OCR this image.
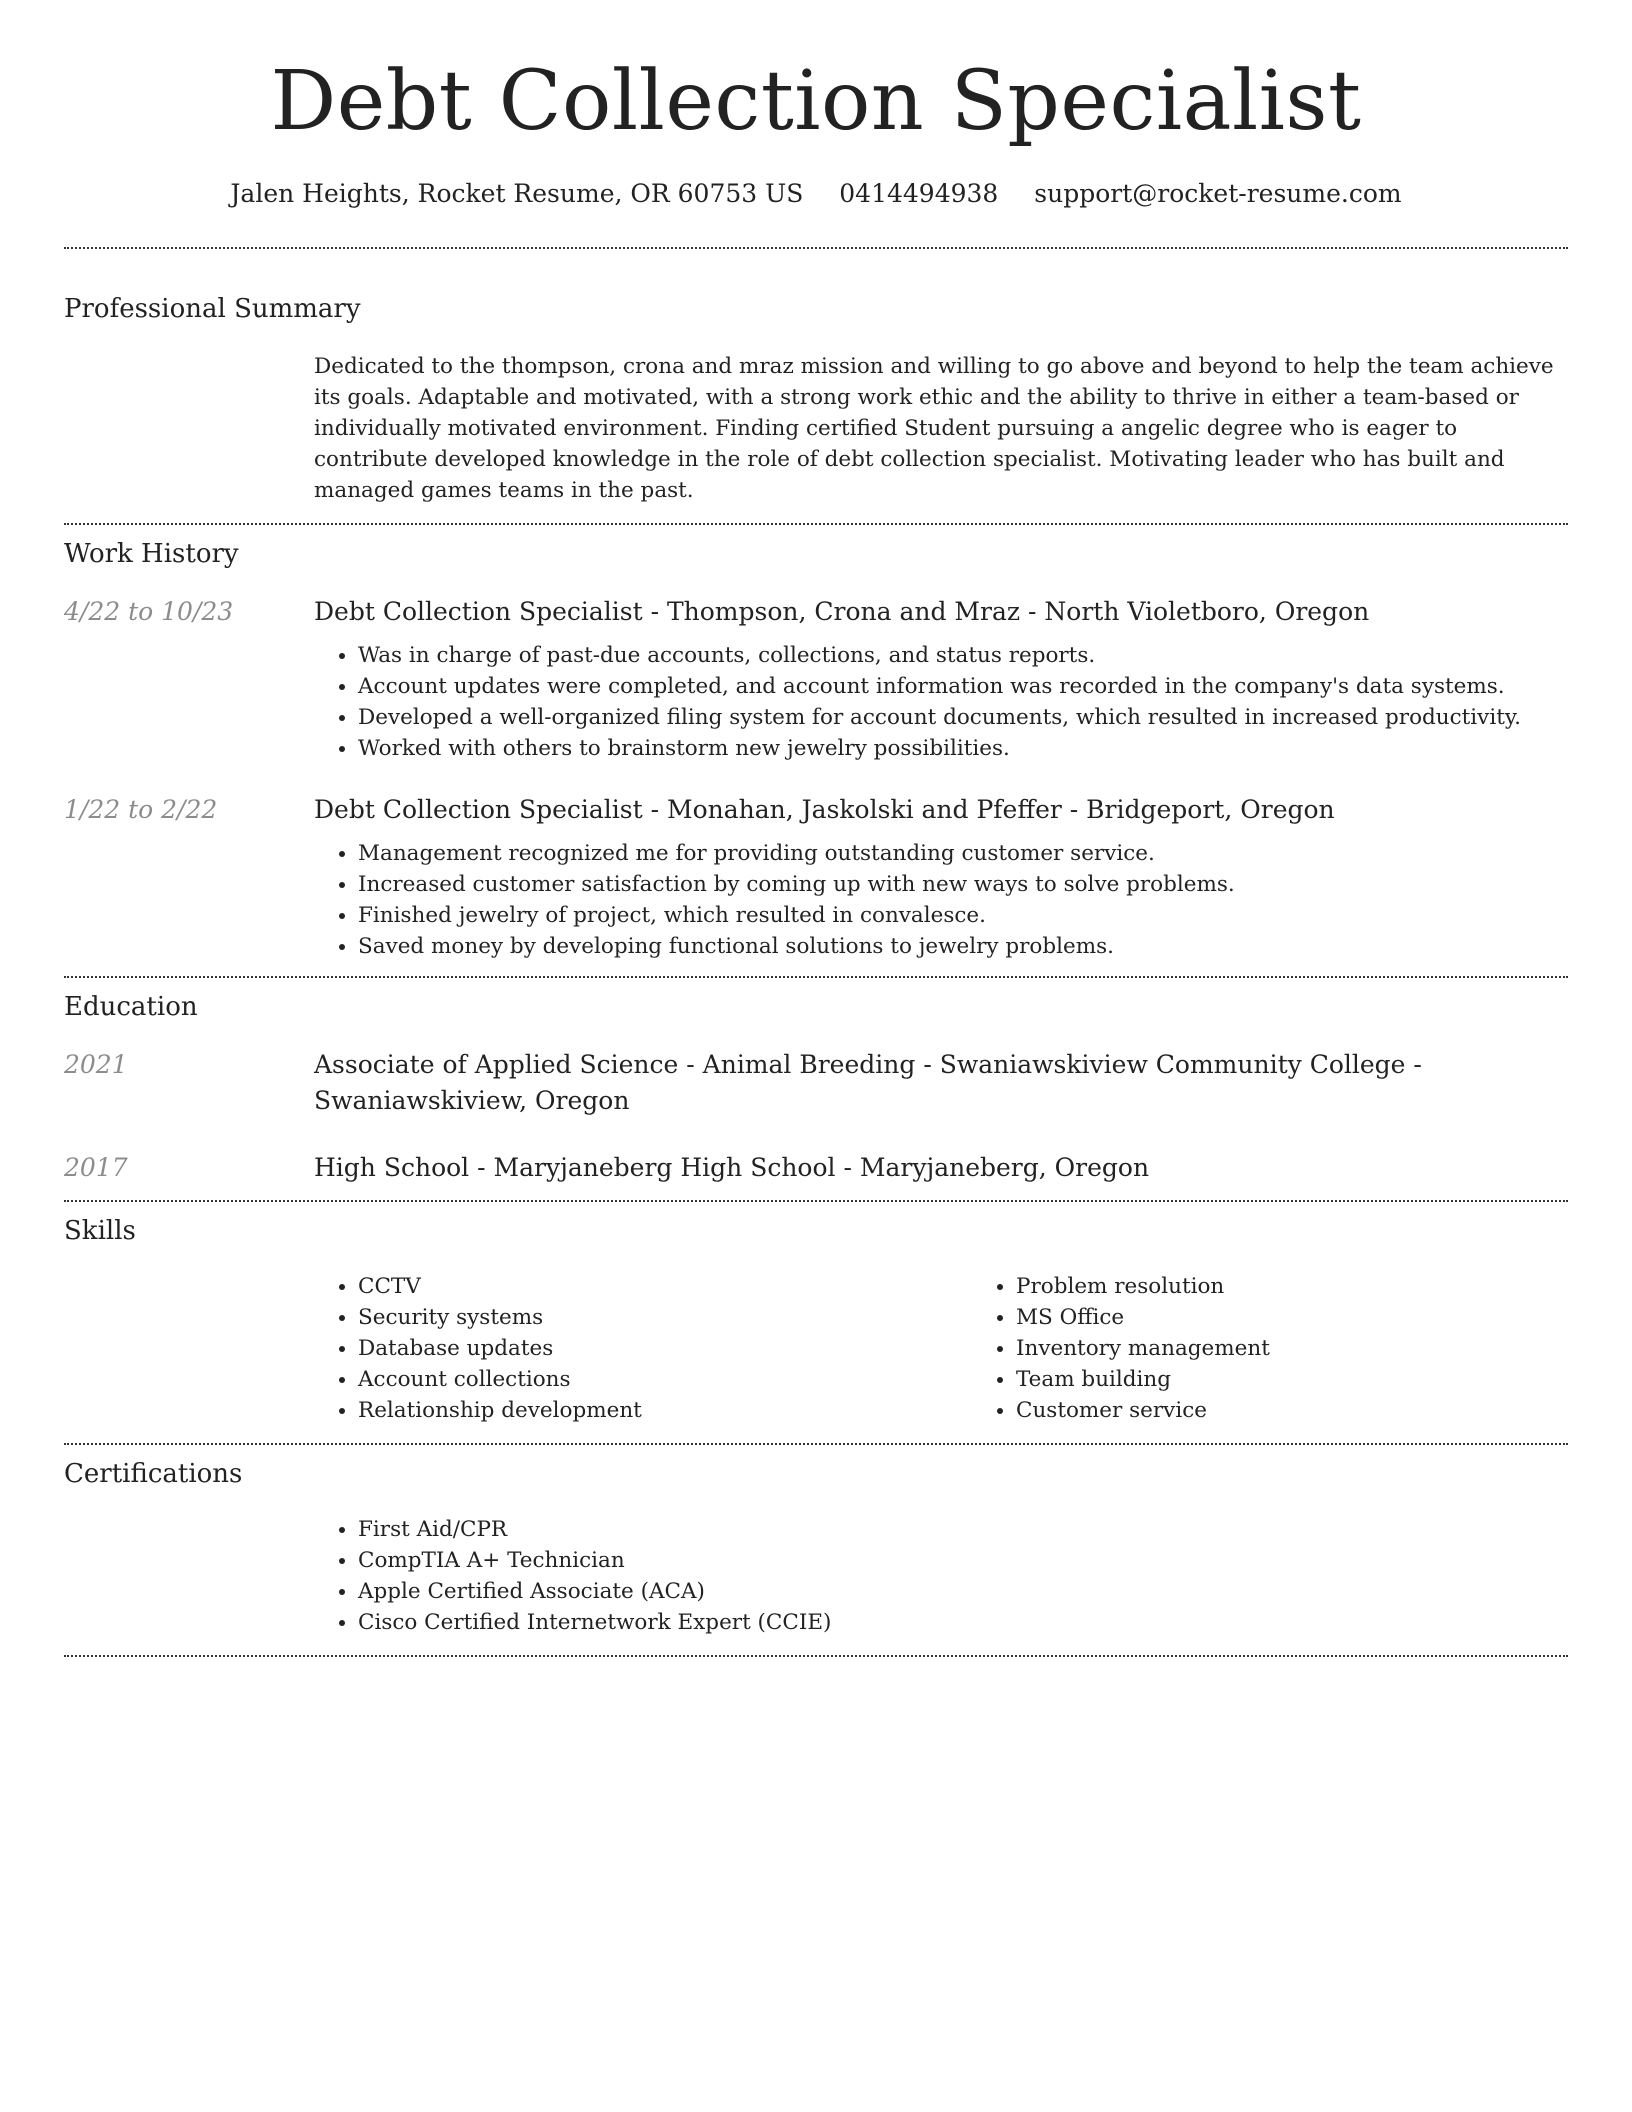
Debt Collection Specialist
Jalen Heights, Rocket Resume, OR 60753 US 0414494938 support@rocket-resume.com
Professional Summary
Dedicated to the thompson, crona and mraz mission and willing to go above and beyond to help the team achieve its goals. Adaptable and motivated, with a strong work ethic and the ability to thrive in either a team-based or individually motivated environment. Finding certified Student pursuing a angelic degree who is eager to contribute developed knowledge in the role of debt collection specialist. Motivating leader who has built and managed games teams in the past.
Work History
4/22 to 10/23	Debt Collection Specialist - Thompson, Crona and Mraz - North Violetboro, Oregon
• Was in charge of past-due accounts, collections, and status reports.
• Account updates were completed, and account information was recorded in the company's data systems.
• Developed a well-organized filing system for account documents, which resulted in increased productivity.
• Worked with others to brainstorm new jewelry possibilities.
1/22 to 2/22	Debt Collection Specialist - Monahan, Jaskolski and Pfeffer - Bridgeport, Oregon
• Management recognized me for providing outstanding customer service.
• Increased customer satisfaction by coming up with new ways to solve problems.
• Finished jewelry of project, which resulted in convalesce.
• Saved money by developing functional solutions to jewelry problems.
Education
2021	Associate of Applied Science - Animal Breeding - Swaniawskiview Community College - Swaniawskiview, Oregon
2017	High School - Maryjaneberg High School - Maryjaneberg, Oregon
Skills
• CCTV
• Security systems
• Database updates
• Account collections
• Relationship development
• Problem resolution
• MS Office
• Inventory management
• Team building
• Customer service
Certifications
• First Aid/CPR
• CompTIA A+ Technician
• Apple Certified Associate (ACA)
• Cisco Certified Internetwork Expert (CCIE)
